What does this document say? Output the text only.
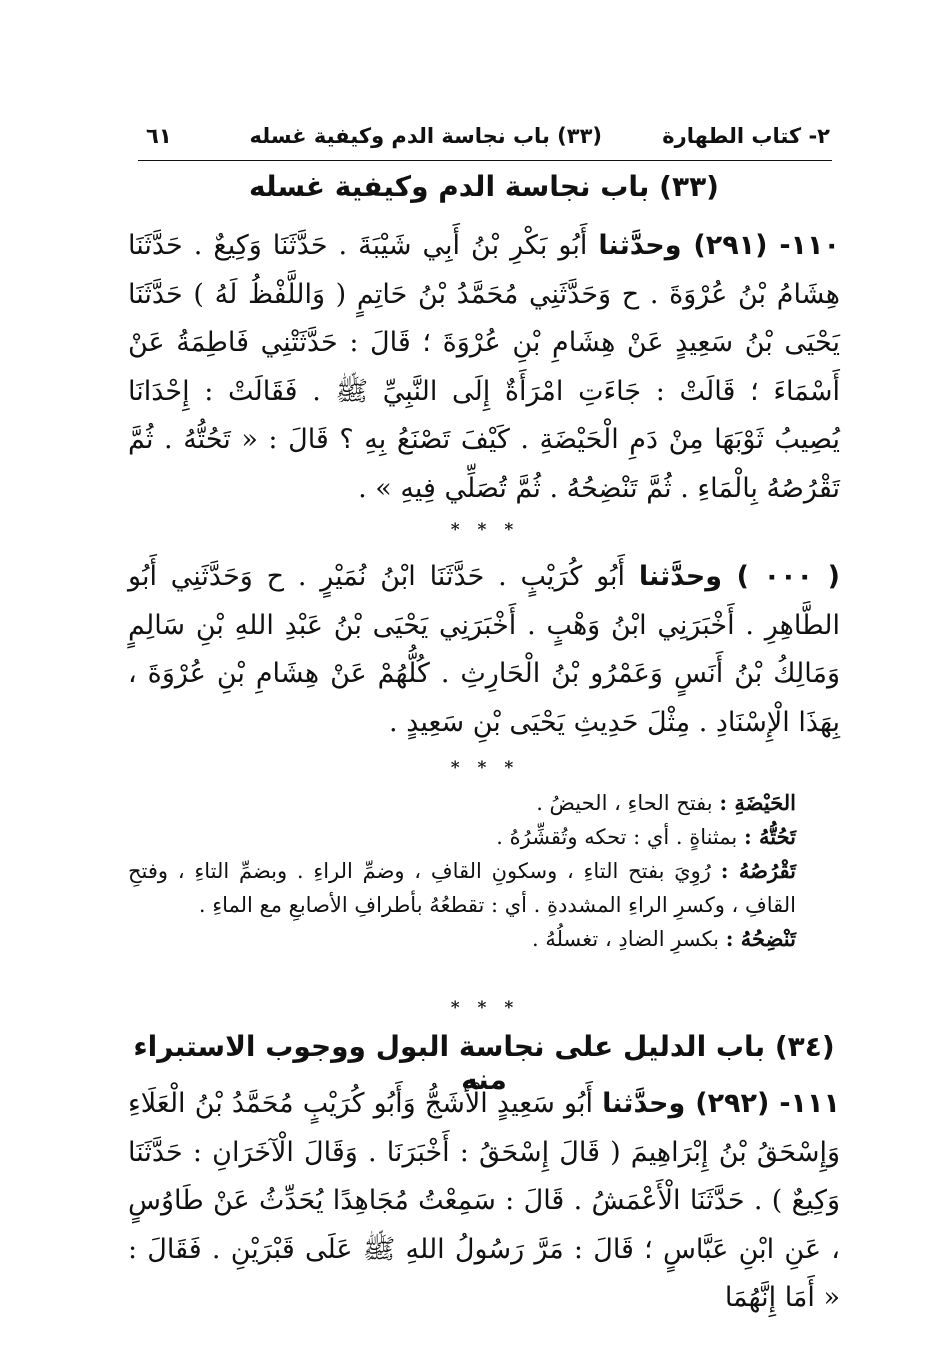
٢- كتاب الطهارة
(٣٣) باب نجاسة الدم وكيفية غسله
٦١
(٣٣) باب نجاسة الدم وكيفية غسله
١١٠- (٢٩١) وحدَّثنا أَبُو بَكْرِ بْنُ أَبِي شَيْبَةَ . حَدَّثَنَا وَكِيعٌ . حَدَّثَنَا هِشَامُ بْنُ عُرْوَةَ . ح وَحَدَّثَنِي مُحَمَّدُ بْنُ حَاتِمٍ ( وَاللَّفْظُ لَهُ ) حَدَّثَنَا يَحْيَى بْنُ سَعِيدٍ عَنْ هِشَامِ بْنِ عُرْوَةَ ؛ قَالَ : حَدَّثَتْنِي فَاطِمَةُ عَنْ أَسْمَاءَ ؛ قَالَتْ : جَاءَتِ امْرَأَةٌ إِلَى النَّبِيِّ ﷺ . فَقَالَتْ : إِحْدَانَا يُصِيبُ ثَوْبَهَا مِنْ دَمِ الْحَيْضَةِ . كَيْفَ تَصْنَعُ بِهِ ؟ قَالَ : « تَحُتُّهُ . ثُمَّ تَقْرُصُهُ بِالْمَاءِ . ثُمَّ تَنْضِحُهُ . ثُمَّ تُصَلِّي فِيهِ » .
* * *
( ٠٠٠ ) وحدَّثنا أَبُو كُرَيْبٍ . حَدَّثَنَا ابْنُ نُمَيْرٍ . ح وَحَدَّثَنِي أَبُو الطَّاهِرِ . أَخْبَرَنِي ابْنُ وَهْبٍ . أَخْبَرَنِي يَحْيَى بْنُ عَبْدِ اللهِ بْنِ سَالِمٍ وَمَالِكُ بْنُ أَنَسٍ وَعَمْرُو بْنُ الْحَارِثِ . كُلُّهُمْ عَنْ هِشَامِ بْنِ عُرْوَةَ ، بِهَذَا الْإِسْنَادِ . مِثْلَ حَدِيثِ يَحْيَى بْنِ سَعِيدٍ .
* * *
الحَيْضَةِ : بفتح الحاءِ ، الحيضُ .
تَحُتُّهُ : بمثناةٍ . أي : تحكه وتُقشِّرُهُ .
تَقْرُصُهُ : رُوِيَ بفتح التاءِ ، وسكونِ القافِ ، وضمِّ الراءِ . وبضمِّ التاءِ ، وفتحِ القافِ ، وكسرِ الراءِ المشددةِ . أي : تقطعُهُ بأطرافِ الأصابعِ مع الماءِ .
تَنْضِحُهُ : بكسرِ الضادِ ، تغسلُهُ .
* * *
(٣٤) باب الدليل على نجاسة البول ووجوب الاستبراء منه
١١١- (٢٩٢) وحدَّثنا أَبُو سَعِيدٍ الْأَشَجُّ وَأَبُو كُرَيْبٍ مُحَمَّدُ بْنُ الْعَلَاءِ وَإِسْحَقُ بْنُ إِبْرَاهِيمَ ( قَالَ إِسْحَقُ : أَخْبَرَنَا . وَقَالَ الْآخَرَانِ : حَدَّثَنَا وَكِيعٌ ) . حَدَّثَنَا الْأَعْمَشُ . قَالَ : سَمِعْتُ مُجَاهِدًا يُحَدِّثُ عَنْ طَاوُسٍ ، عَنِ ابْنِ عَبَّاسٍ ؛ قَالَ : مَرَّ رَسُولُ اللهِ ﷺ عَلَى قَبْرَيْنِ . فَقَالَ : « أَمَا إِنَّهُمَا
